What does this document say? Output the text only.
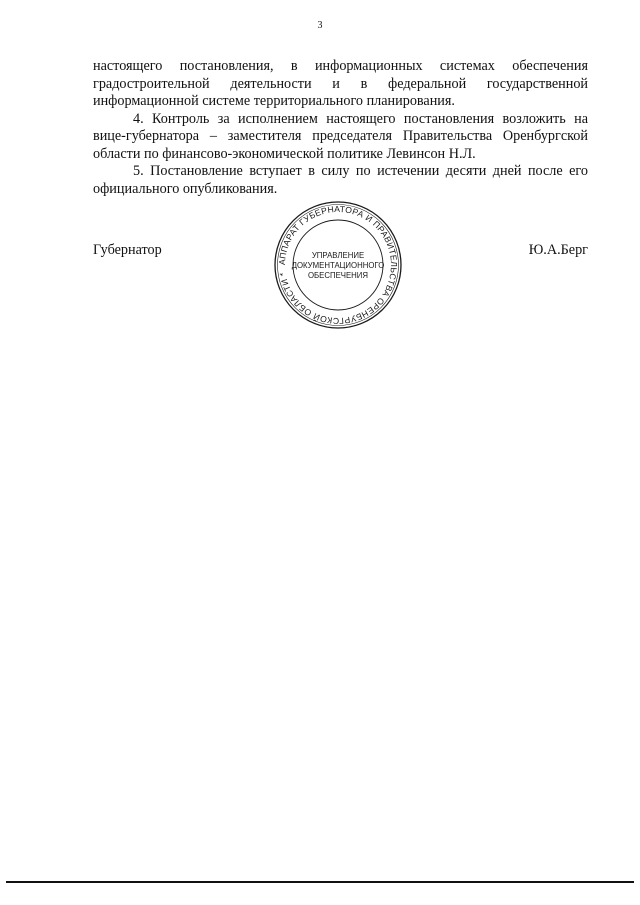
3

настоящего постановления, в информационных системах обеспечения градостроительной деятельности и в федеральной государственной информационной системе территориального планирования.

4. Контроль за исполнением настоящего постановления возложить на вице-губернатора – заместителя председателя Правительства Оренбургской области по финансово-экономической политике Левинсон Н.Л.

5. Постановление вступает в силу по истечении десяти дней после его официального опубликования.

Губернатор
АППАРАТ ГУБЕРНАТОРА И ПРАВИТЕЛЬСТВА ОРЕНБУРГСКОЙ ОБЛАСТИ *
УПРАВЛЕНИЕ
ДОКУМЕНТАЦИОННОГО
ОБЕСПЕЧЕНИЯ
Ю.А.Берг
